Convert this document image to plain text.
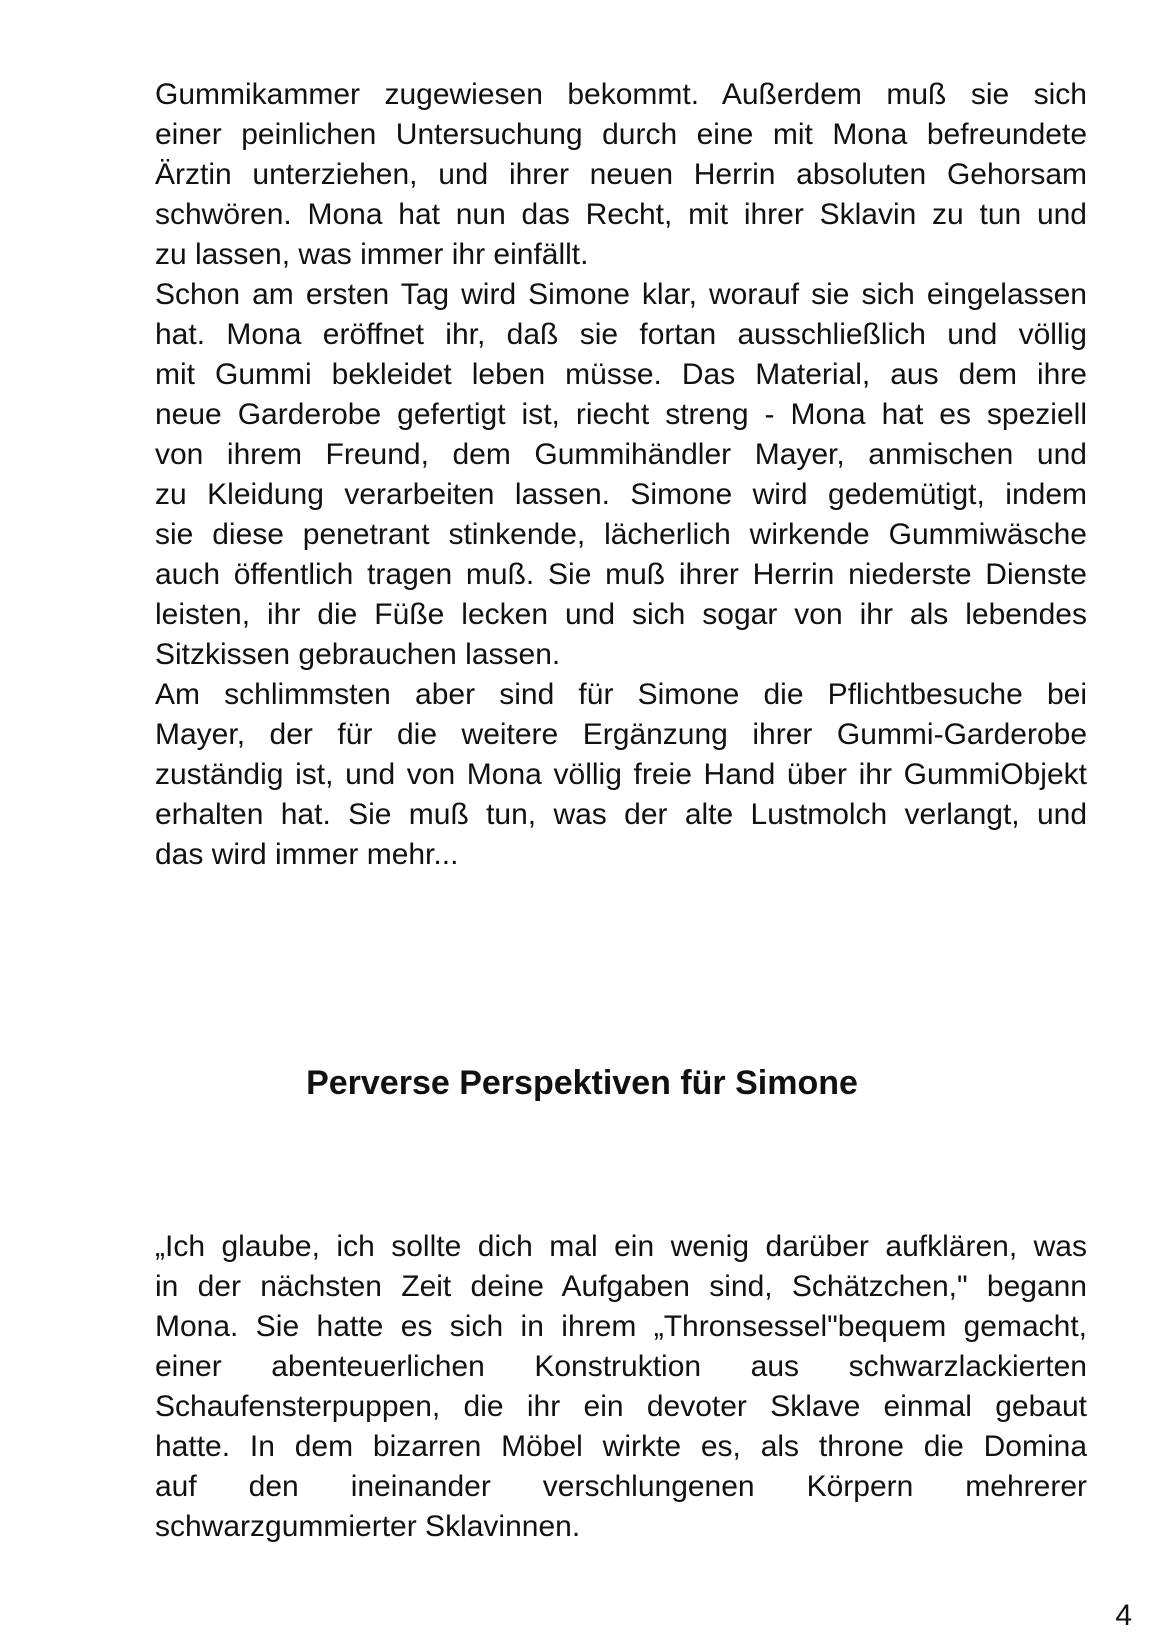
Gummikammer zugewiesen bekommt. Außerdem muß sie sich
einer peinlichen Untersuchung durch eine mit Mona befreundete
Ärztin unterziehen, und ihrer neuen Herrin absoluten Gehorsam
schwören. Mona hat nun das Recht, mit ihrer Sklavin zu tun und
zu lassen, was immer ihr einfällt.
Schon am ersten Tag wird Simone klar, worauf sie sich eingelassen
hat. Mona eröffnet ihr, daß sie fortan ausschließlich und völlig
mit Gummi bekleidet leben müsse. Das Material, aus dem ihre
neue Garderobe gefertigt ist, riecht streng - Mona hat es speziell
von ihrem Freund, dem Gummihändler Mayer, anmischen und
zu Kleidung verarbeiten lassen. Simone wird gedemütigt, indem
sie diese penetrant stinkende, lächerlich wirkende Gummiwäsche
auch öffentlich tragen muß. Sie muß ihrer Herrin niederste Dienste
leisten, ihr die Füße lecken und sich sogar von ihr als lebendes
Sitzkissen gebrauchen lassen.
Am schlimmsten aber sind für Simone die Pflichtbesuche bei
Mayer, der für die weitere Ergänzung ihrer Gummi-Garderobe
zuständig ist, und von Mona völlig freie Hand über ihr GummiObjekt
erhalten hat. Sie muß tun, was der alte Lustmolch verlangt, und
das wird immer mehr...
Perverse Perspektiven für Simone
„Ich glaube, ich sollte dich mal ein wenig darüber aufklären, was
in der nächsten Zeit deine Aufgaben sind, Schätzchen," begann
Mona. Sie hatte es sich in ihrem „Thronsessel"bequem gemacht,
einer abenteuerlichen Konstruktion aus schwarzlackierten
Schaufensterpuppen, die ihr ein devoter Sklave einmal gebaut
hatte. In dem bizarren Möbel wirkte es, als throne die Domina
auf den ineinander verschlungenen Körpern mehrerer
schwarzgummierter Sklavinnen.
4
